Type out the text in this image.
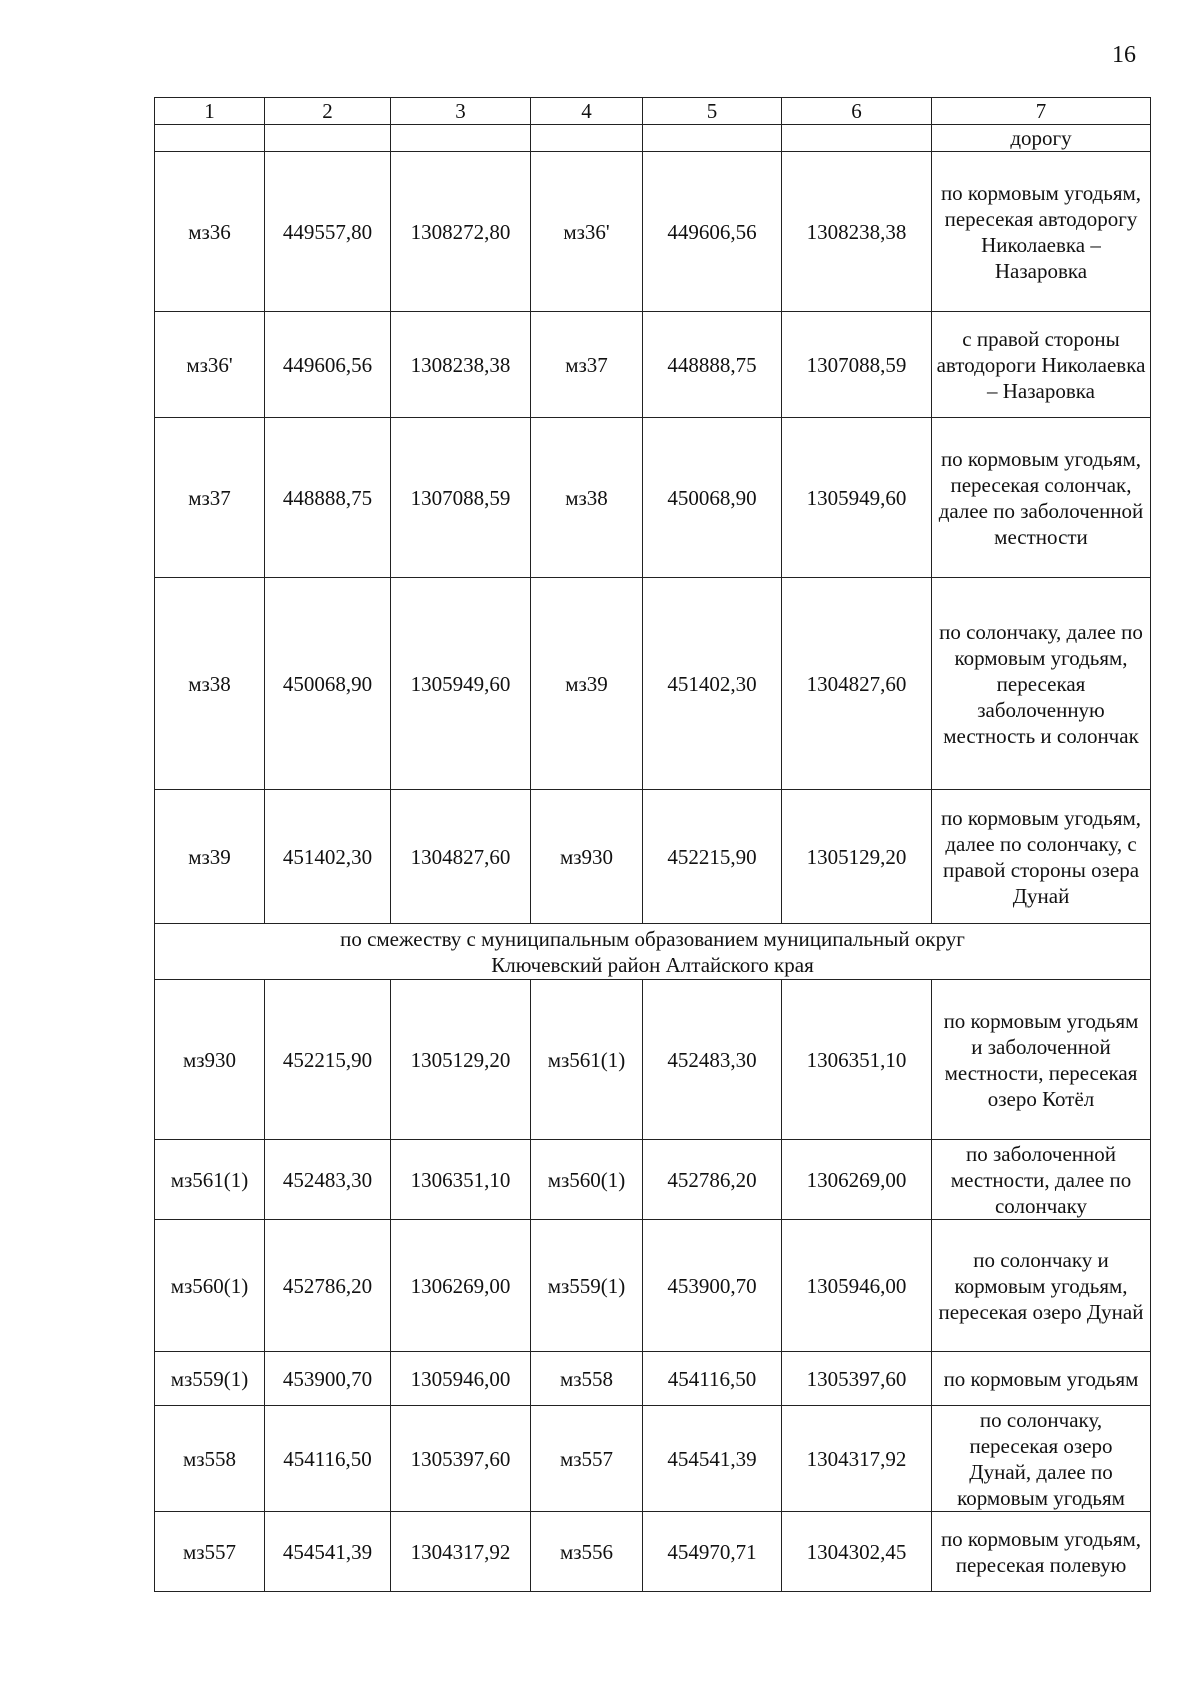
16
1	2	3	4	5	6	7
						дорогу
мз36	449557,80	1308272,80	мз36'	449606,56	1308238,38	по кормовым угодьям, пересекая автодорогу Николаевка – Назаровка
мз36'	449606,56	1308238,38	мз37	448888,75	1307088,59	с правой стороны автодороги Николаевка – Назаровка
мз37	448888,75	1307088,59	мз38	450068,90	1305949,60	по кормовым угодьям, пересекая солончак, далее по заболоченной местности
мз38	450068,90	1305949,60	мз39	451402,30	1304827,60	по солончаку, далее по кормовым угодьям, пересекая заболоченную местность и солончак
мз39	451402,30	1304827,60	мз930	452215,90	1305129,20	по кормовым угодьям, далее по солончаку, с правой стороны озера Дунай

по смежеству с муниципальным образованием муниципальный округ
Ключевский район Алтайского края						

мз930	452215,90	1305129,20	мз561(1)	452483,30	1306351,10	по кормовым угодьям и заболоченной местности, пересекая озеро Котёл
мз561(1)	452483,30	1306351,10	мз560(1)	452786,20	1306269,00	по заболоченной местности, далее по солончаку
мз560(1)	452786,20	1306269,00	мз559(1)	453900,70	1305946,00	по солончаку и кормовым угодьям, пересекая озеро Дунай
мз559(1)	453900,70	1305946,00	мз558	454116,50	1305397,60	по кормовым угодьям
мз558	454116,50	1305397,60	мз557	454541,39	1304317,92	по солончаку, пересекая озеро Дунай, далее по кормовым угодьям
мз557	454541,39	1304317,92	мз556	454970,71	1304302,45	по кормовым угодьям, пересекая полевую
